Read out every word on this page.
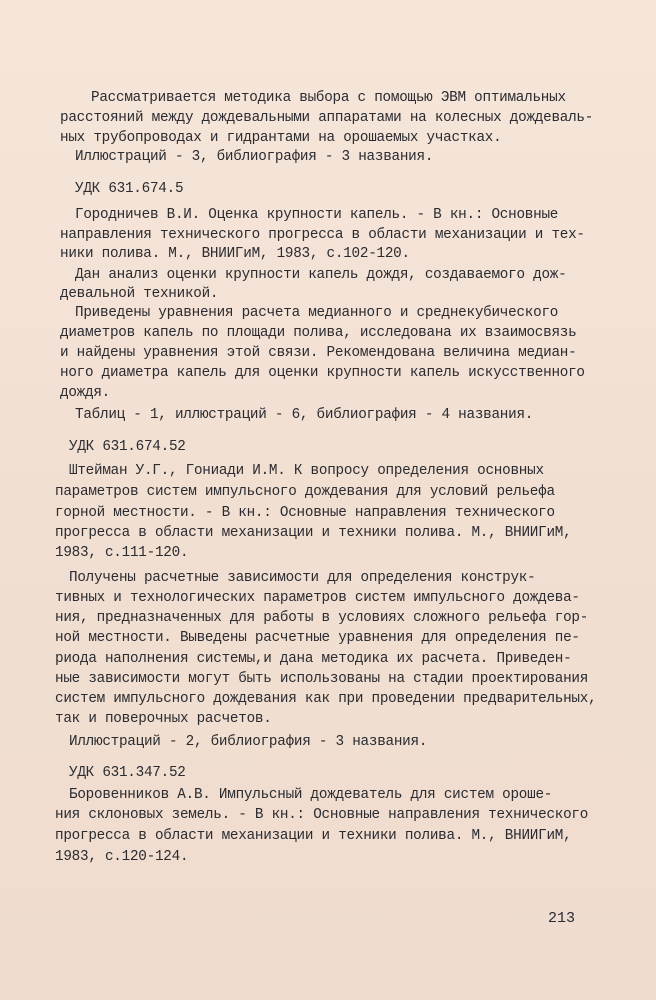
Рассматривается методика выбора с помощью ЭВМ оптимальных
расстояний между дождевальными аппаратами на колесных дождеваль-
ных трубопроводах и гидрантами на орошаемых участках.
Иллюстраций - 3, библиография - 3 названия.
УДК 631.674.5
Городничев В.И. Оценка крупности капель. - В кн.: Основные
направления технического прогресса в области механизации и тех-
ники полива. М., ВНИИГиМ, 1983, с.102-120.
Дан анализ оценки крупности капель дождя, создаваемого дож-
девальной техникой.
Приведены уравнения расчета медианного и среднекубического
диаметров капель по площади полива, исследована их взаимосвязь
и найдены уравнения этой связи. Рекомендована величина медиан-
ного диаметра капель для оценки крупности капель искусственного
дождя.
Таблиц - 1, иллюстраций - 6, библиография - 4 названия.
УДК 631.674.52
Штейман У.Г., Гониади И.М. К вопросу определения основных
параметров систем импульсного дождевания для условий рельефа
горной местности. - В кн.: Основные направления технического
прогресса в области механизации и техники полива. М., ВНИИГиМ,
1983, с.111-120.
Получены расчетные зависимости для определения конструк-
тивных и технологических параметров систем импульсного дождева-
ния, предназначенных для работы в условиях сложного рельефа гор-
ной местности. Выведены расчетные уравнения для определения пе-
риода наполнения системы,и дана методика их расчета. Приведен-
ные зависимости могут быть использованы на стадии проектирования
систем импульсного дождевания как при проведении предварительных,
так и поверочных расчетов.
Иллюстраций - 2, библиография - 3 названия.
УДК 631.347.52
Боровенников А.В. Импульсный дождеватель для систем ороше-
ния склоновых земель. - В кн.: Основные направления технического
прогресса в области механизации и техники полива. М., ВНИИГиМ,
1983, с.120-124.
213
